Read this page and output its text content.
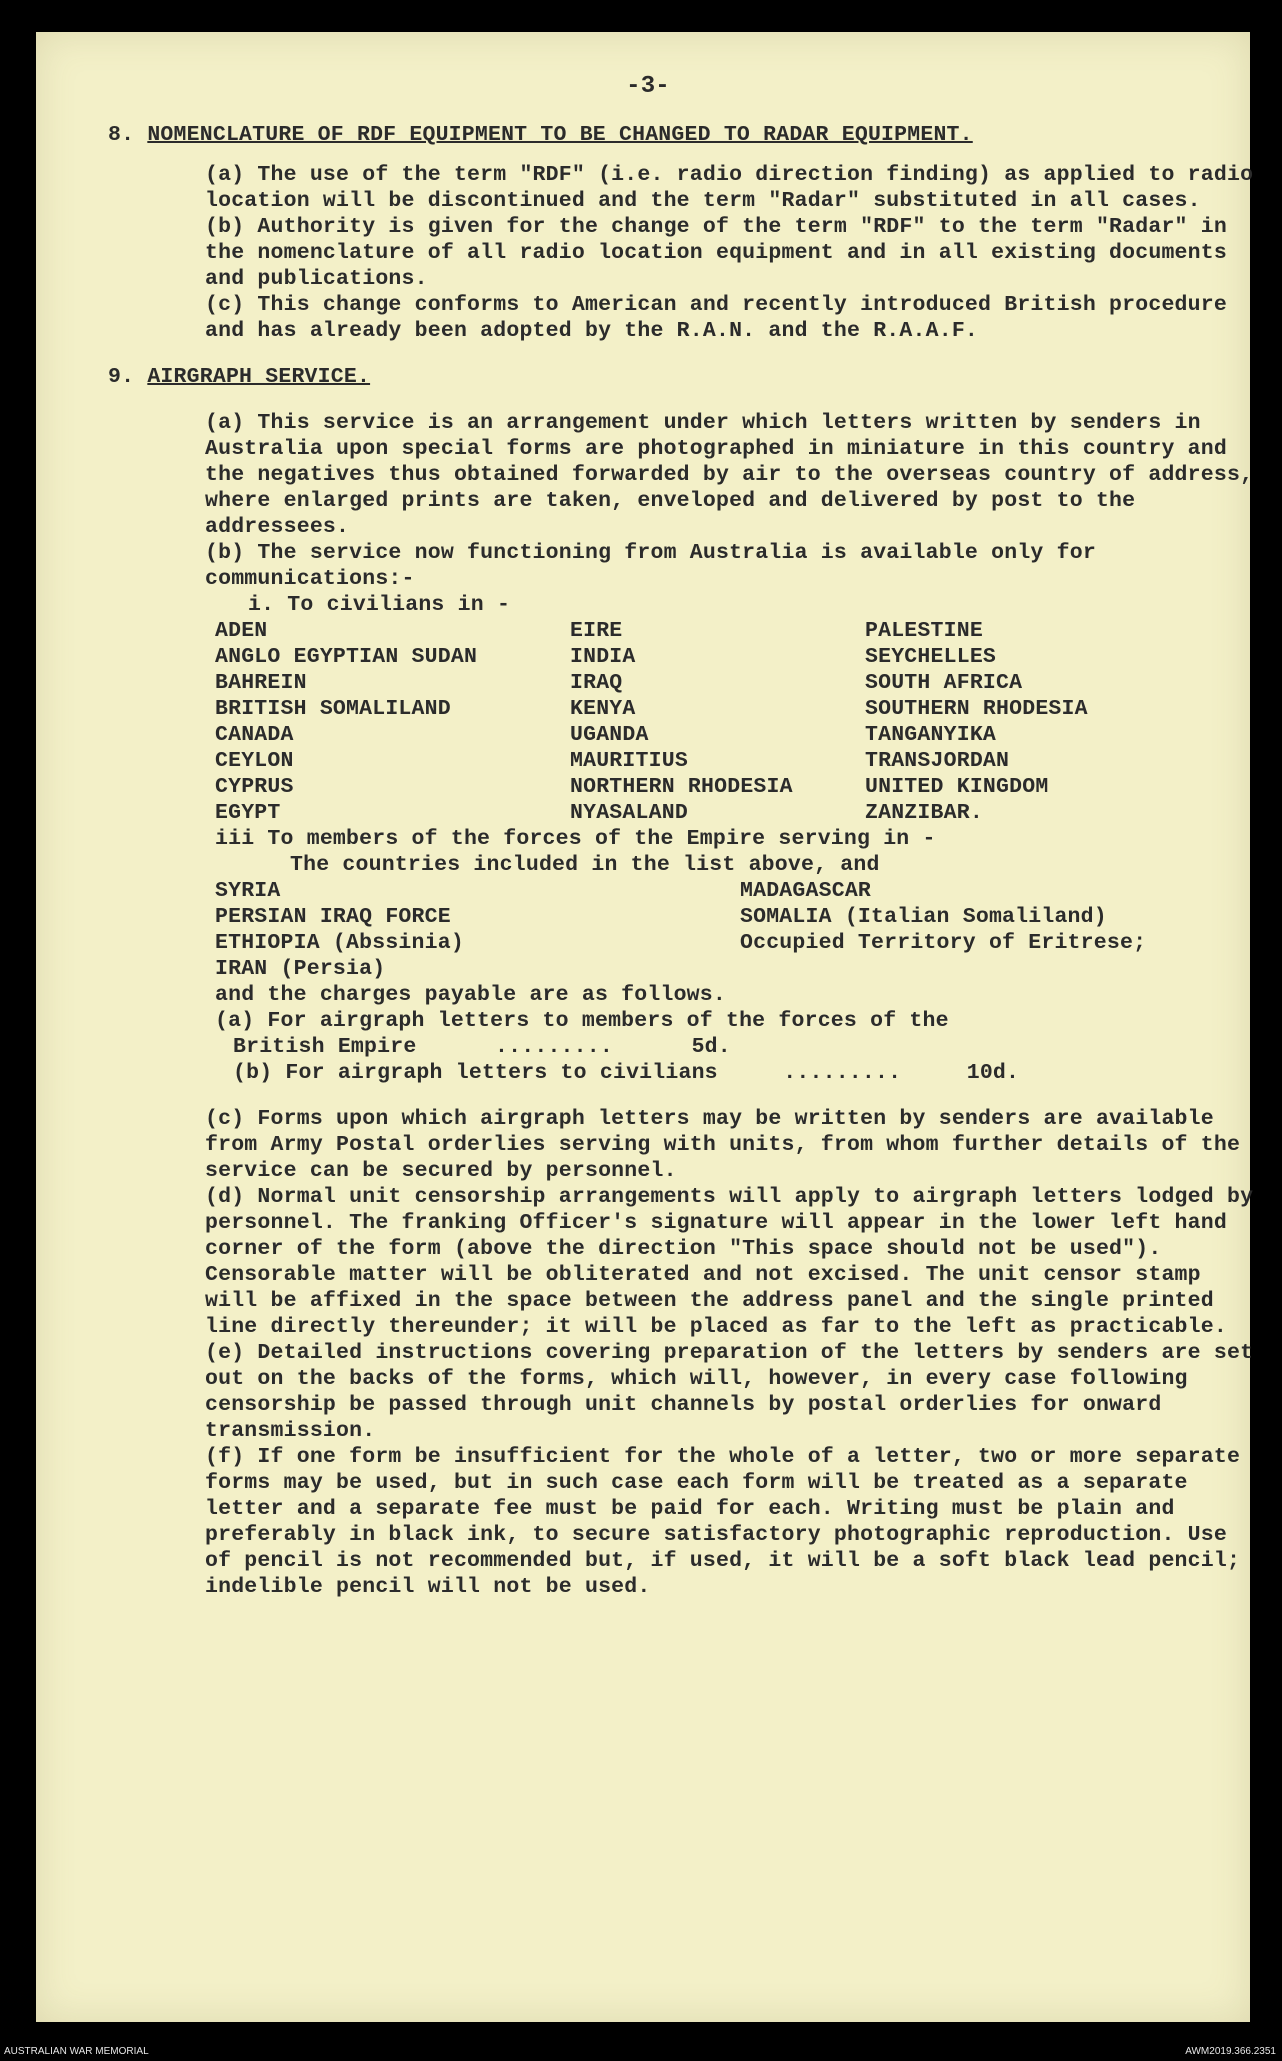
-3-
8. NOMENCLATURE OF RDF EQUIPMENT TO BE CHANGED TO RADAR EQUIPMENT.

(a) The use of the term "RDF" (i.e. radio direction finding) as applied to radio location will be discontinued and the term "Radar" substituted in all cases.

(b) Authority is given for the change of the term "RDF" to the term "Radar" in the nomenclature of all radio location equipment and in all existing documents and publications.

(c) This change conforms to American and recently introduced British procedure and has already been adopted by the R.A.N. and the R.A.A.F.

9. AIRGRAPH SERVICE.

(a) This service is an arrangement under which letters written by senders in Australia upon special forms are photographed in miniature in this country and the negatives thus obtained forwarded by air to the overseas country of address, where enlarged prints are taken, enveloped and delivered by post to the addressees.

(b) The service now functioning from Australia is available only for communications:-

i. To civilians in -

ADEN	EIRE	PALESTINE
ANGLO EGYPTIAN SUDAN	INDIA	SEYCHELLES
BAHREIN	IRAQ	SOUTH AFRICA
BRITISH SOMALILAND	KENYA	SOUTHERN RHODESIA
CANADA	UGANDA	TANGANYIKA
CEYLON	MAURITIUS	TRANSJORDAN
CYPRUS	NORTHERN RHODESIA	UNITED KINGDOM
EGYPT	NYASALAND	ZANZIBAR.

iii To members of the forces of the Empire serving in -

The countries included in the list above, and

SYRIA	MADAGASCAR
PERSIAN IRAQ FORCE	SOMALIA (Italian Somaliland)
ETHIOPIA (Abssinia)	Occupied Territory of Eritrese;
IRAN (Persia)

and the charges payable are as follows.

(a) For airgraph letters to members of the forces of the

British Empire      .........      5d.

(b) For airgraph letters to civilians     .........     10d.

(c) Forms upon which airgraph letters may be written by senders are available from Army Postal orderlies serving with units, from whom further details of the service can be secured by personnel.

(d) Normal unit censorship arrangements will apply to airgraph letters lodged by personnel. The franking Officer's signature will appear in the lower left hand corner of the form (above the direction "This space should not be used"). Censorable matter will be obliterated and not excised. The unit censor stamp will be affixed in the space between the address panel and the single printed line directly thereunder; it will be placed as far to the left as practicable.

(e) Detailed instructions covering preparation of the letters by senders are set out on the backs of the forms, which will, however, in every case following censorship be passed through unit channels by postal orderlies for onward transmission.

(f) If one form be insufficient for the whole of a letter, two or more separate forms may be used, but in such case each form will be treated as a separate letter and a separate fee must be paid for each. Writing must be plain and preferably in black ink, to secure satisfactory photographic reproduction. Use of pencil is not recommended but, if used, it will be a soft black lead pencil; indelible pencil will not be used.

AUSTRALIAN WAR MEMORIAL	AWM2019.366.2351
